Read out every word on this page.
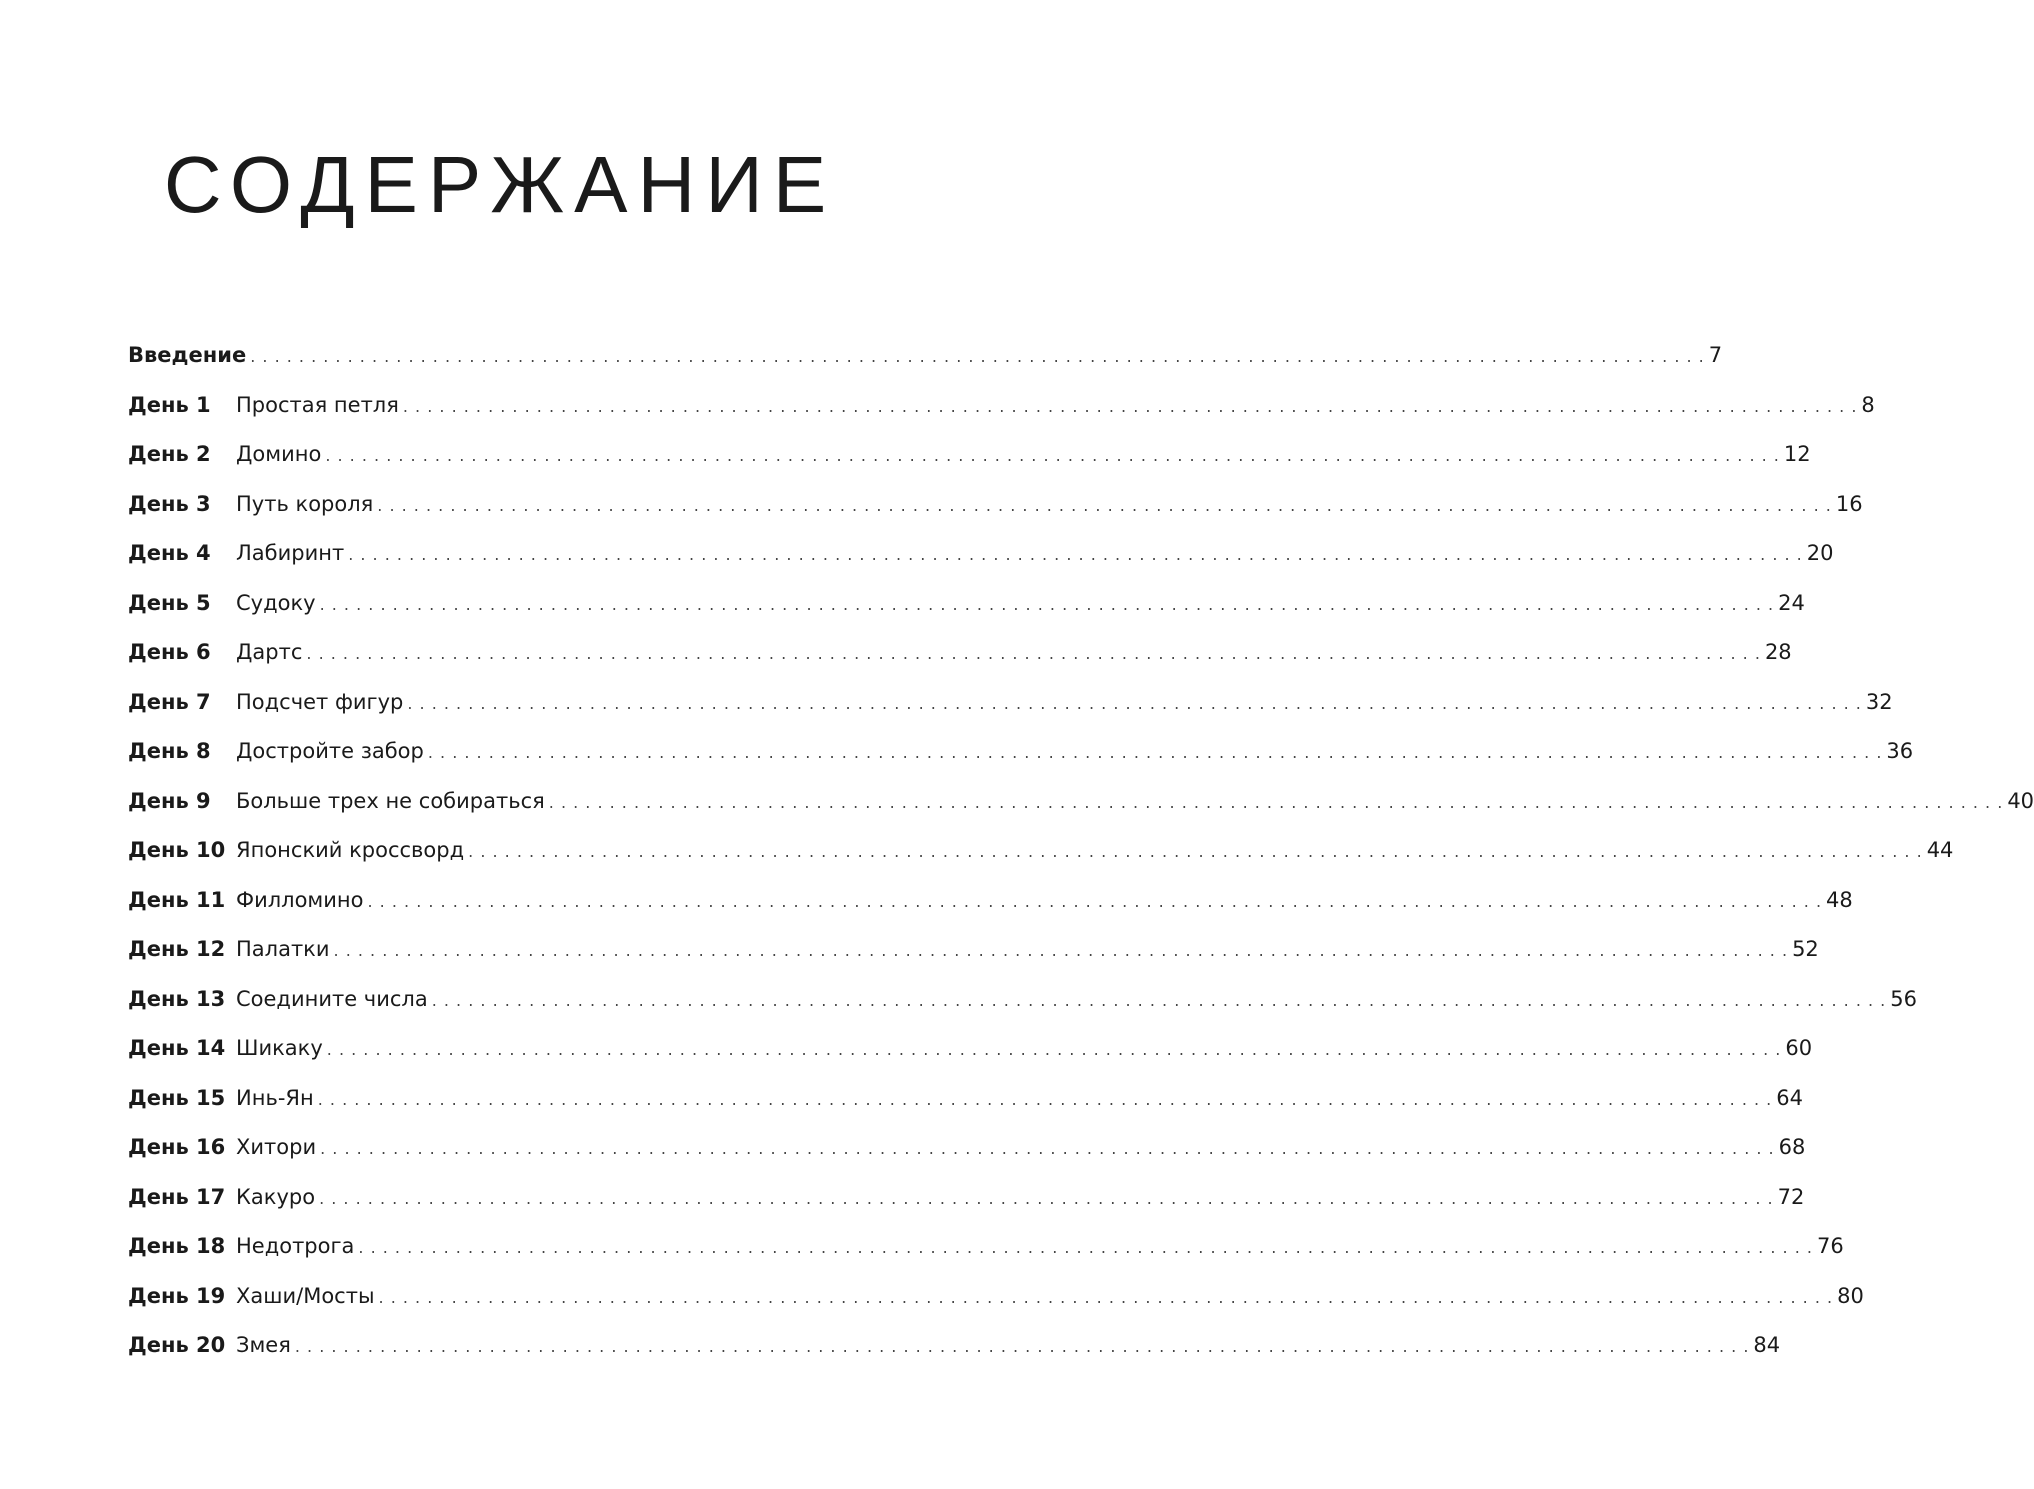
СОДЕРЖАНИЕ
Введение . . . . . . . . . . . . . . . . . . . . . . . . . . . . . . . . . . . . . . . . . . . . . . . . . . . . . . . . . . . . . . . . . . . . . . . . . . . . . . . . . . . . . . . . . . . . . . . . . . . . . . . . . . . . . . . . . . . . . . . . 7
День 1	Простая петля . . . . . . . . . . . . . . . . . . . . . . . . . . . . . . . . . . . . . . . . . . . . . . . . . . . . . . . . . . . . . . . . . . . . . . . . . . . . . . . . . . . . . . . . . . . . . . . . . . . . . . . . . . . . . . . . . . . . . . . . 8
День 2	Домино . . . . . . . . . . . . . . . . . . . . . . . . . . . . . . . . . . . . . . . . . . . . . . . . . . . . . . . . . . . . . . . . . . . . . . . . . . . . . . . . . . . . . . . . . . . . . . . . . . . . . . . . . . . . . . . . . . . . . . . . 12
День 3	Путь короля . . . . . . . . . . . . . . . . . . . . . . . . . . . . . . . . . . . . . . . . . . . . . . . . . . . . . . . . . . . . . . . . . . . . . . . . . . . . . . . . . . . . . . . . . . . . . . . . . . . . . . . . . . . . . . . . . . . . . . . . 16
День 4	Лабиринт . . . . . . . . . . . . . . . . . . . . . . . . . . . . . . . . . . . . . . . . . . . . . . . . . . . . . . . . . . . . . . . . . . . . . . . . . . . . . . . . . . . . . . . . . . . . . . . . . . . . . . . . . . . . . . . . . . . . . . . . 20
День 5	Судоку . . . . . . . . . . . . . . . . . . . . . . . . . . . . . . . . . . . . . . . . . . . . . . . . . . . . . . . . . . . . . . . . . . . . . . . . . . . . . . . . . . . . . . . . . . . . . . . . . . . . . . . . . . . . . . . . . . . . . . . . 24
День 6	Дартс . . . . . . . . . . . . . . . . . . . . . . . . . . . . . . . . . . . . . . . . . . . . . . . . . . . . . . . . . . . . . . . . . . . . . . . . . . . . . . . . . . . . . . . . . . . . . . . . . . . . . . . . . . . . . . . . . . . . . . . . 28
День 7	Подсчет фигур . . . . . . . . . . . . . . . . . . . . . . . . . . . . . . . . . . . . . . . . . . . . . . . . . . . . . . . . . . . . . . . . . . . . . . . . . . . . . . . . . . . . . . . . . . . . . . . . . . . . . . . . . . . . . . . . . . . . . . . . 32
День 8	Достройте забор . . . . . . . . . . . . . . . . . . . . . . . . . . . . . . . . . . . . . . . . . . . . . . . . . . . . . . . . . . . . . . . . . . . . . . . . . . . . . . . . . . . . . . . . . . . . . . . . . . . . . . . . . . . . . . . . . . . . . . . . 36
День 9	Больше трех не собираться . . . . . . . . . . . . . . . . . . . . . . . . . . . . . . . . . . . . . . . . . . . . . . . . . . . . . . . . . . . . . . . . . . . . . . . . . . . . . . . . . . . . . . . . . . . . . . . . . . . . . . . . . . . . . . . . . . . . . . . . 40
День 10 Японский кроссворд . . . . . . . . . . . . . . . . . . . . . . . . . . . . . . . . . . . . . . . . . . . . . . . . . . . . . . . . . . . . . . . . . . . . . . . . . . . . . . . . . . . . . . . . . . . . . . . . . . . . . . . . . . . . . . . . . . . . . . . . 44
День 11 Филломино . . . . . . . . . . . . . . . . . . . . . . . . . . . . . . . . . . . . . . . . . . . . . . . . . . . . . . . . . . . . . . . . . . . . . . . . . . . . . . . . . . . . . . . . . . . . . . . . . . . . . . . . . . . . . . . . . . . . . . . . 48
День 12 Палатки . . . . . . . . . . . . . . . . . . . . . . . . . . . . . . . . . . . . . . . . . . . . . . . . . . . . . . . . . . . . . . . . . . . . . . . . . . . . . . . . . . . . . . . . . . . . . . . . . . . . . . . . . . . . . . . . . . . . . . . . 52
День 13 Соедините числа . . . . . . . . . . . . . . . . . . . . . . . . . . . . . . . . . . . . . . . . . . . . . . . . . . . . . . . . . . . . . . . . . . . . . . . . . . . . . . . . . . . . . . . . . . . . . . . . . . . . . . . . . . . . . . . . . . . . . . . . 56
День 14 Шикаку . . . . . . . . . . . . . . . . . . . . . . . . . . . . . . . . . . . . . . . . . . . . . . . . . . . . . . . . . . . . . . . . . . . . . . . . . . . . . . . . . . . . . . . . . . . . . . . . . . . . . . . . . . . . . . . . . . . . . . . . 60
День 15 Инь-Ян . . . . . . . . . . . . . . . . . . . . . . . . . . . . . . . . . . . . . . . . . . . . . . . . . . . . . . . . . . . . . . . . . . . . . . . . . . . . . . . . . . . . . . . . . . . . . . . . . . . . . . . . . . . . . . . . . . . . . . . . 64
День 16 Хитори . . . . . . . . . . . . . . . . . . . . . . . . . . . . . . . . . . . . . . . . . . . . . . . . . . . . . . . . . . . . . . . . . . . . . . . . . . . . . . . . . . . . . . . . . . . . . . . . . . . . . . . . . . . . . . . . . . . . . . . . 68
День 17 Какуро . . . . . . . . . . . . . . . . . . . . . . . . . . . . . . . . . . . . . . . . . . . . . . . . . . . . . . . . . . . . . . . . . . . . . . . . . . . . . . . . . . . . . . . . . . . . . . . . . . . . . . . . . . . . . . . . . . . . . . . . 72
День 18 Недотрога . . . . . . . . . . . . . . . . . . . . . . . . . . . . . . . . . . . . . . . . . . . . . . . . . . . . . . . . . . . . . . . . . . . . . . . . . . . . . . . . . . . . . . . . . . . . . . . . . . . . . . . . . . . . . . . . . . . . . . . . 76
День 19 Хаши/Мосты . . . . . . . . . . . . . . . . . . . . . . . . . . . . . . . . . . . . . . . . . . . . . . . . . . . . . . . . . . . . . . . . . . . . . . . . . . . . . . . . . . . . . . . . . . . . . . . . . . . . . . . . . . . . . . . . . . . . . . . . 80
День 20 Змея . . . . . . . . . . . . . . . . . . . . . . . . . . . . . . . . . . . . . . . . . . . . . . . . . . . . . . . . . . . . . . . . . . . . . . . . . . . . . . . . . . . . . . . . . . . . . . . . . . . . . . . . . . . . . . . . . . . . . . . . 84
